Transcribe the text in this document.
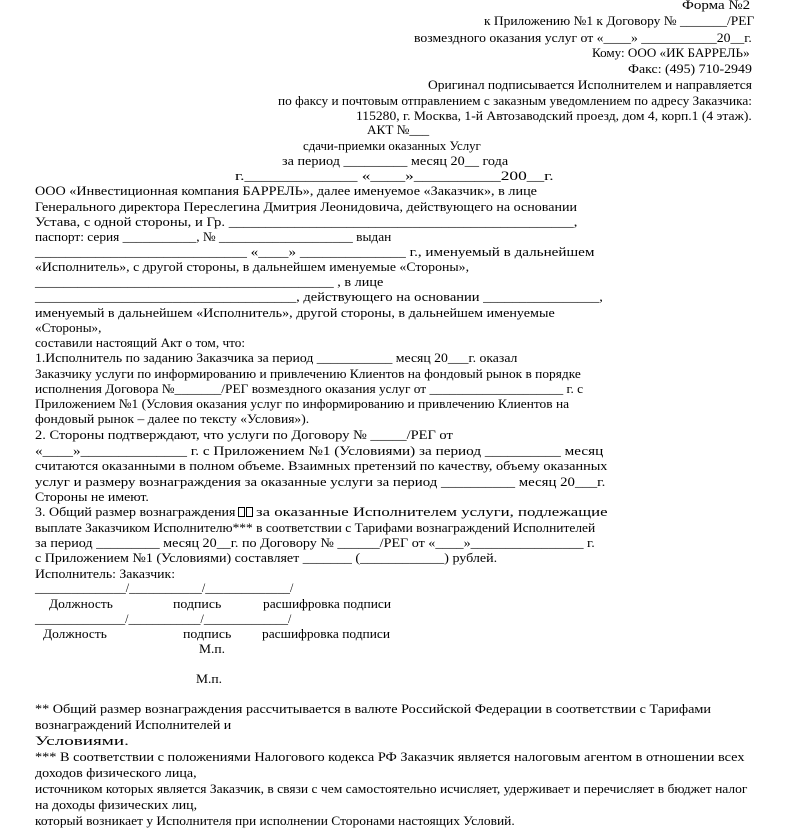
Форма №2
к Приложению №1 к Договору № _______/РЕГ
возмездного оказания услуг от «____» ___________20__г.
Кому: ООО «ИК БАРРЕЛЬ»
Факс: (495) 710-2949
Оригинал подписывается Исполнителем и направляется
по факсу и почтовым отправлением с заказным уведомлением по адресу Заказчика:
115280, г. Москва, 1-й Автозаводский проезд, дом 4, корп.1 (4 этаж).
АКТ №___
сдачи-приемки оказанных Услуг
за период _________ месяц 20__ года
г._____________ «____»__________200__г.
ООО «Инвестиционная компания БАРРЕЛЬ», далее именуемое «Заказчик», в лице
Генерального директора Переслегина Дмитрия Леонидовича, действующего на основании
Устава, с одной стороны, и Гр. _______________________________________________,
паспорт: серия ___________, № ____________________ выдан
____________________________ «____» ______________ г., именуемый в дальнейшем
«Исполнитель», с другой стороны, в дальнейшем именуемые «Стороны»,
__________________________________________ , в лице
____________________________________, действующего на основании ________________,
именуемый в дальнейшем «Исполнитель», другой стороны, в дальнейшем именуемые
«Стороны»,
составили настоящий Акт о том, что:
1.Исполнитель по заданию Заказчика за период ___________ месяц 20___г. оказал
Заказчику услуги по информированию и привлечению Клиентов на фондовый рынок в порядке
исполнения Договора №_______/РЕГ возмездного оказания услуг от ____________________ г. с
Приложением №1 (Условия оказания услуг по информированию и привлечению Клиентов на
фондовый рынок – далее по тексту «Условия»).
2. Стороны подтверждают, что услуги по Договору № _____/РЕГ от
«____»______________ г. с Приложением №1 (Условиями) за период __________ месяц
считаются оказанными в полном объеме. Взаимных претензий по качеству, объему оказанных
услуг и размеру вознаграждения за оказанные услуги за период __________ месяц 20___г.
Стороны не имеют.
3. Общий размер вознаграждения за оказанные Исполнителем услуги, подлежащие
выплате Заказчиком Исполнителю*** в соответствии с Тарифами вознаграждений Исполнителей
за период _________ месяц 20__г. по Договору № ______/РЕГ от «____»________________ г.
с Приложением №1 (Условиями) составляет _______ (____________) рублей.
Исполнитель: Заказчик:
_______________/____________/______________/
Должность	подпись	расшифровка подписи
_______________/____________/______________/
Должность	подпись расшифровка подписи
М.п.
М.п.
** Общий размер вознаграждения рассчитывается в валюте Российской Федерации в соответствии с Тарифами
вознаграждений Исполнителей и
Условиями.
*** В соответствии с положениями Налогового кодекса РФ Заказчик является налоговым агентом в отношении всех
доходов физического лица,
источником которых является Заказчик, в связи с чем самостоятельно исчисляет, удерживает и перечисляет в бюджет налог
на доходы физических лиц,
который возникает у Исполнителя при исполнении Сторонами настоящих Условий.
